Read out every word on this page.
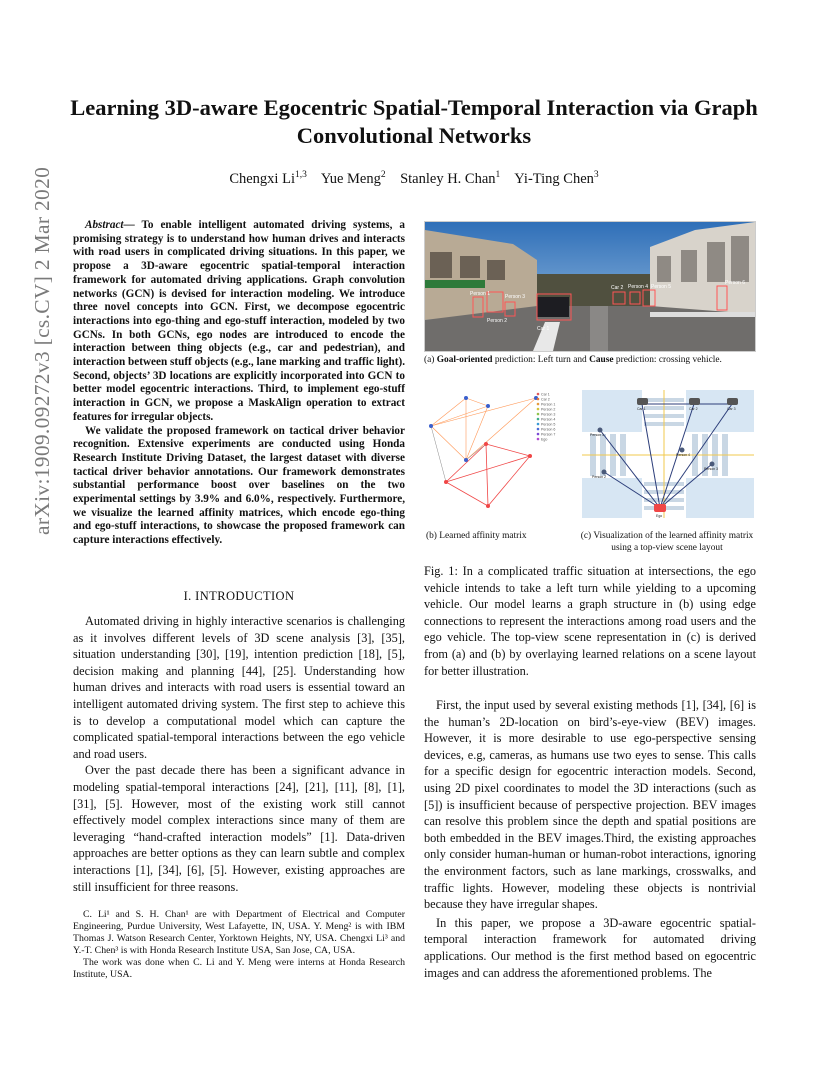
arXiv:1909.09272v3 [cs.CV] 2 Mar 2020
Learning 3D-aware Egocentric Spatial-Temporal Interaction via Graph Convolutional Networks
Chengxi Li$^{1,3}$ Yue Meng$^2$ Stanley H. Chan$^1$ Yi-Ting Chen$^3$

Abstract— To enable intelligent automated driving systems, a promising strategy is to understand how human drives and interacts with road users in complicated driving situations. In this paper, we propose a 3D-aware egocentric spatial-temporal interaction framework for automated driving applications. Graph convolution networks (GCN) is devised for interaction modeling. We introduce three novel concepts into GCN. First, we decompose egocentric interactions into ego-thing and ego-stuff interaction, modeled by two GCNs. In both GCNs, ego nodes are introduced to encode the interaction between thing objects (e.g., car and pedestrian), and interaction between stuff objects (e.g., lane marking and traffic light). Second, objects’ 3D locations are explicitly incorporated into GCN to better model egocentric interactions. Third, to implement ego-stuff interaction in GCN, we propose a MaskAlign operation to extract features for irregular objects.

We validate the proposed framework on tactical driver behavior recognition. Extensive experiments are conducted using Honda Research Institute Driving Dataset, the largest dataset with diverse tactical driver behavior annotations. Our framework demonstrates substantial performance boost over baselines on the two experimental settings by 3.9% and 6.0%, respectively. Furthermore, we visualize the learned affinity matrices, which encode ego-thing and ego-stuff interactions, to showcase the proposed framework can capture interactions effectively.

I. INTRODUCTION

Automated driving in highly interactive scenarios is challenging as it involves different levels of 3D scene analysis [3], [35], situation understanding [30], [19], intention prediction [18], [5], decision making and planning [44], [25]. Understanding how human drives and interacts with road users is essential toward an intelligent automated driving system. The first step to achieve this is to develop a computational model which can capture the complicated spatial-temporal interactions between the ego vehicle and road users.

Over the past decade there has been a significant advance in modeling spatial-temporal interactions [24], [21], [11], [8], [1], [31], [5]. However, most of the existing work still cannot effectively model complex interactions since many of them are leveraging “hand-crafted interaction models” [1]. Data-driven approaches are better options as they can learn subtle and complex interactions [1], [34], [6], [5]. However, existing approaches are still insufficient for three reasons.

C. Li¹ and S. H. Chan¹ are with Department of Electrical and Computer Engineering, Purdue University, West Lafayette, IN, USA. Y. Meng² is with IBM Thomas J. Watson Research Center, Yorktown Heights, NY, USA. Chengxi Li³ and Y.-T. Chen³ is with Honda Research Institute USA, San Jose, CA, USA.

The work was done when C. Li and Y. Meng were interns at Honda Research Institute, USA.

Person 1	Person 3
Person 2
Car 1
Car 2 Person 4 Person 5
Person 6
(a) Goal-oriented prediction: Left turn and Cause prediction: crossing vehicle.
Car 1
Car 2
Person 1
Person 2
Person 3
Person 4
Person 5
Person 6
Person 7
Ego
Car 1	Car 2	Car 3
Person 1
Person 2
Person 3
Person 4
Ego
(b) Learned affinity matrix	(c) Visualization of the learned affinity matrix using a top-view scene layout
Fig. 1: In a complicated traffic situation at intersections, the ego vehicle intends to take a left turn while yielding to a upcoming vehicle. Our model learns a graph structure in (b) using edge connections to represent the interactions among road users and the ego vehicle. The top-view scene representation in (c) is derived from (a) and (b) by overlaying learned relations on a scene layout for better illustration.

First, the input used by several existing methods [1], [34], [6] is the human’s 2D-location on bird’s-eye-view (BEV) images. However, it is more desirable to use ego-perspective sensing devices, e.g, cameras, as humans use two eyes to sense. This calls for a specific design for egocentric interaction models. Second, using 2D pixel coordinates to model the 3D interactions (such as [5]) is insufficient because of perspective projection. BEV images can resolve this problem since the depth and spatial positions are both embedded in the BEV images.Third, the existing approaches only consider human-human or human-robot interactions, ignoring the environment factors, such as lane markings, crosswalks, and traffic lights. However, modeling these objects is nontrivial because they have irregular shapes.

In this paper, we propose a 3D-aware egocentric spatial-temporal interaction framework for automated driving applications. Our method is the first method based on egocentric images and can address the aforementioned problems. The
